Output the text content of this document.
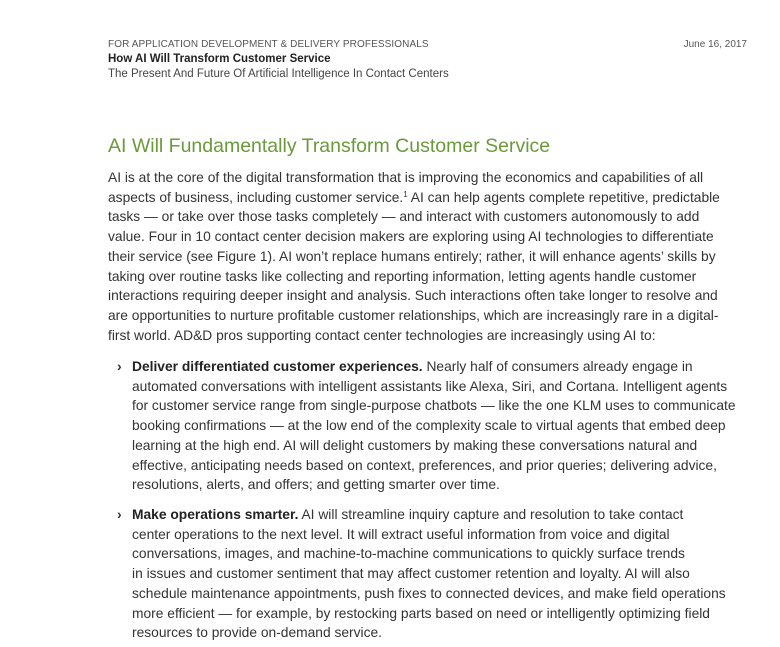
FOR APPLICATION DEVELOPMENT & DELIVERY PROFESSIONALS	June 16, 2017
How AI Will Transform Customer Service
The Present And Future Of Artificial Intelligence In Contact Centers
AI Will Fundamentally Transform Customer Service
AI is at the core of the digital transformation that is improving the economics and capabilities of all
aspects of business, including customer service.$^1$ AI can help agents complete repetitive, predictable
tasks — or take over those tasks completely — and interact with customers autonomously to add
value. Four in 10 contact center decision makers are exploring using AI technologies to differentiate
their service (see Figure 1). AI won’t replace humans entirely; rather, it will enhance agents’ skills by
taking over routine tasks like collecting and reporting information, letting agents handle customer
interactions requiring deeper insight and analysis. Such interactions often take longer to resolve and
are opportunities to nurture profitable customer relationships, which are increasingly rare in a digital-
first world. AD&D pros supporting contact center technologies are increasingly using AI to:
› Deliver differentiated customer experiences. Nearly half of consumers already engage in
automated conversations with intelligent assistants like Alexa, Siri, and Cortana. Intelligent agents
for customer service range from single-purpose chatbots — like the one KLM uses to communicate
booking confirmations — at the low end of the complexity scale to virtual agents that embed deep
learning at the high end. AI will delight customers by making these conversations natural and
effective, anticipating needs based on context, preferences, and prior queries; delivering advice,
resolutions, alerts, and offers; and getting smarter over time.
› Make operations smarter. AI will streamline inquiry capture and resolution to take contact
center operations to the next level. It will extract useful information from voice and digital
conversations, images, and machine-to-machine communications to quickly surface trends
in issues and customer sentiment that may affect customer retention and loyalty. AI will also
schedule maintenance appointments, push fixes to connected devices, and make field operations
more efficient — for example, by restocking parts based on need or intelligently optimizing field
resources to provide on-demand service.
